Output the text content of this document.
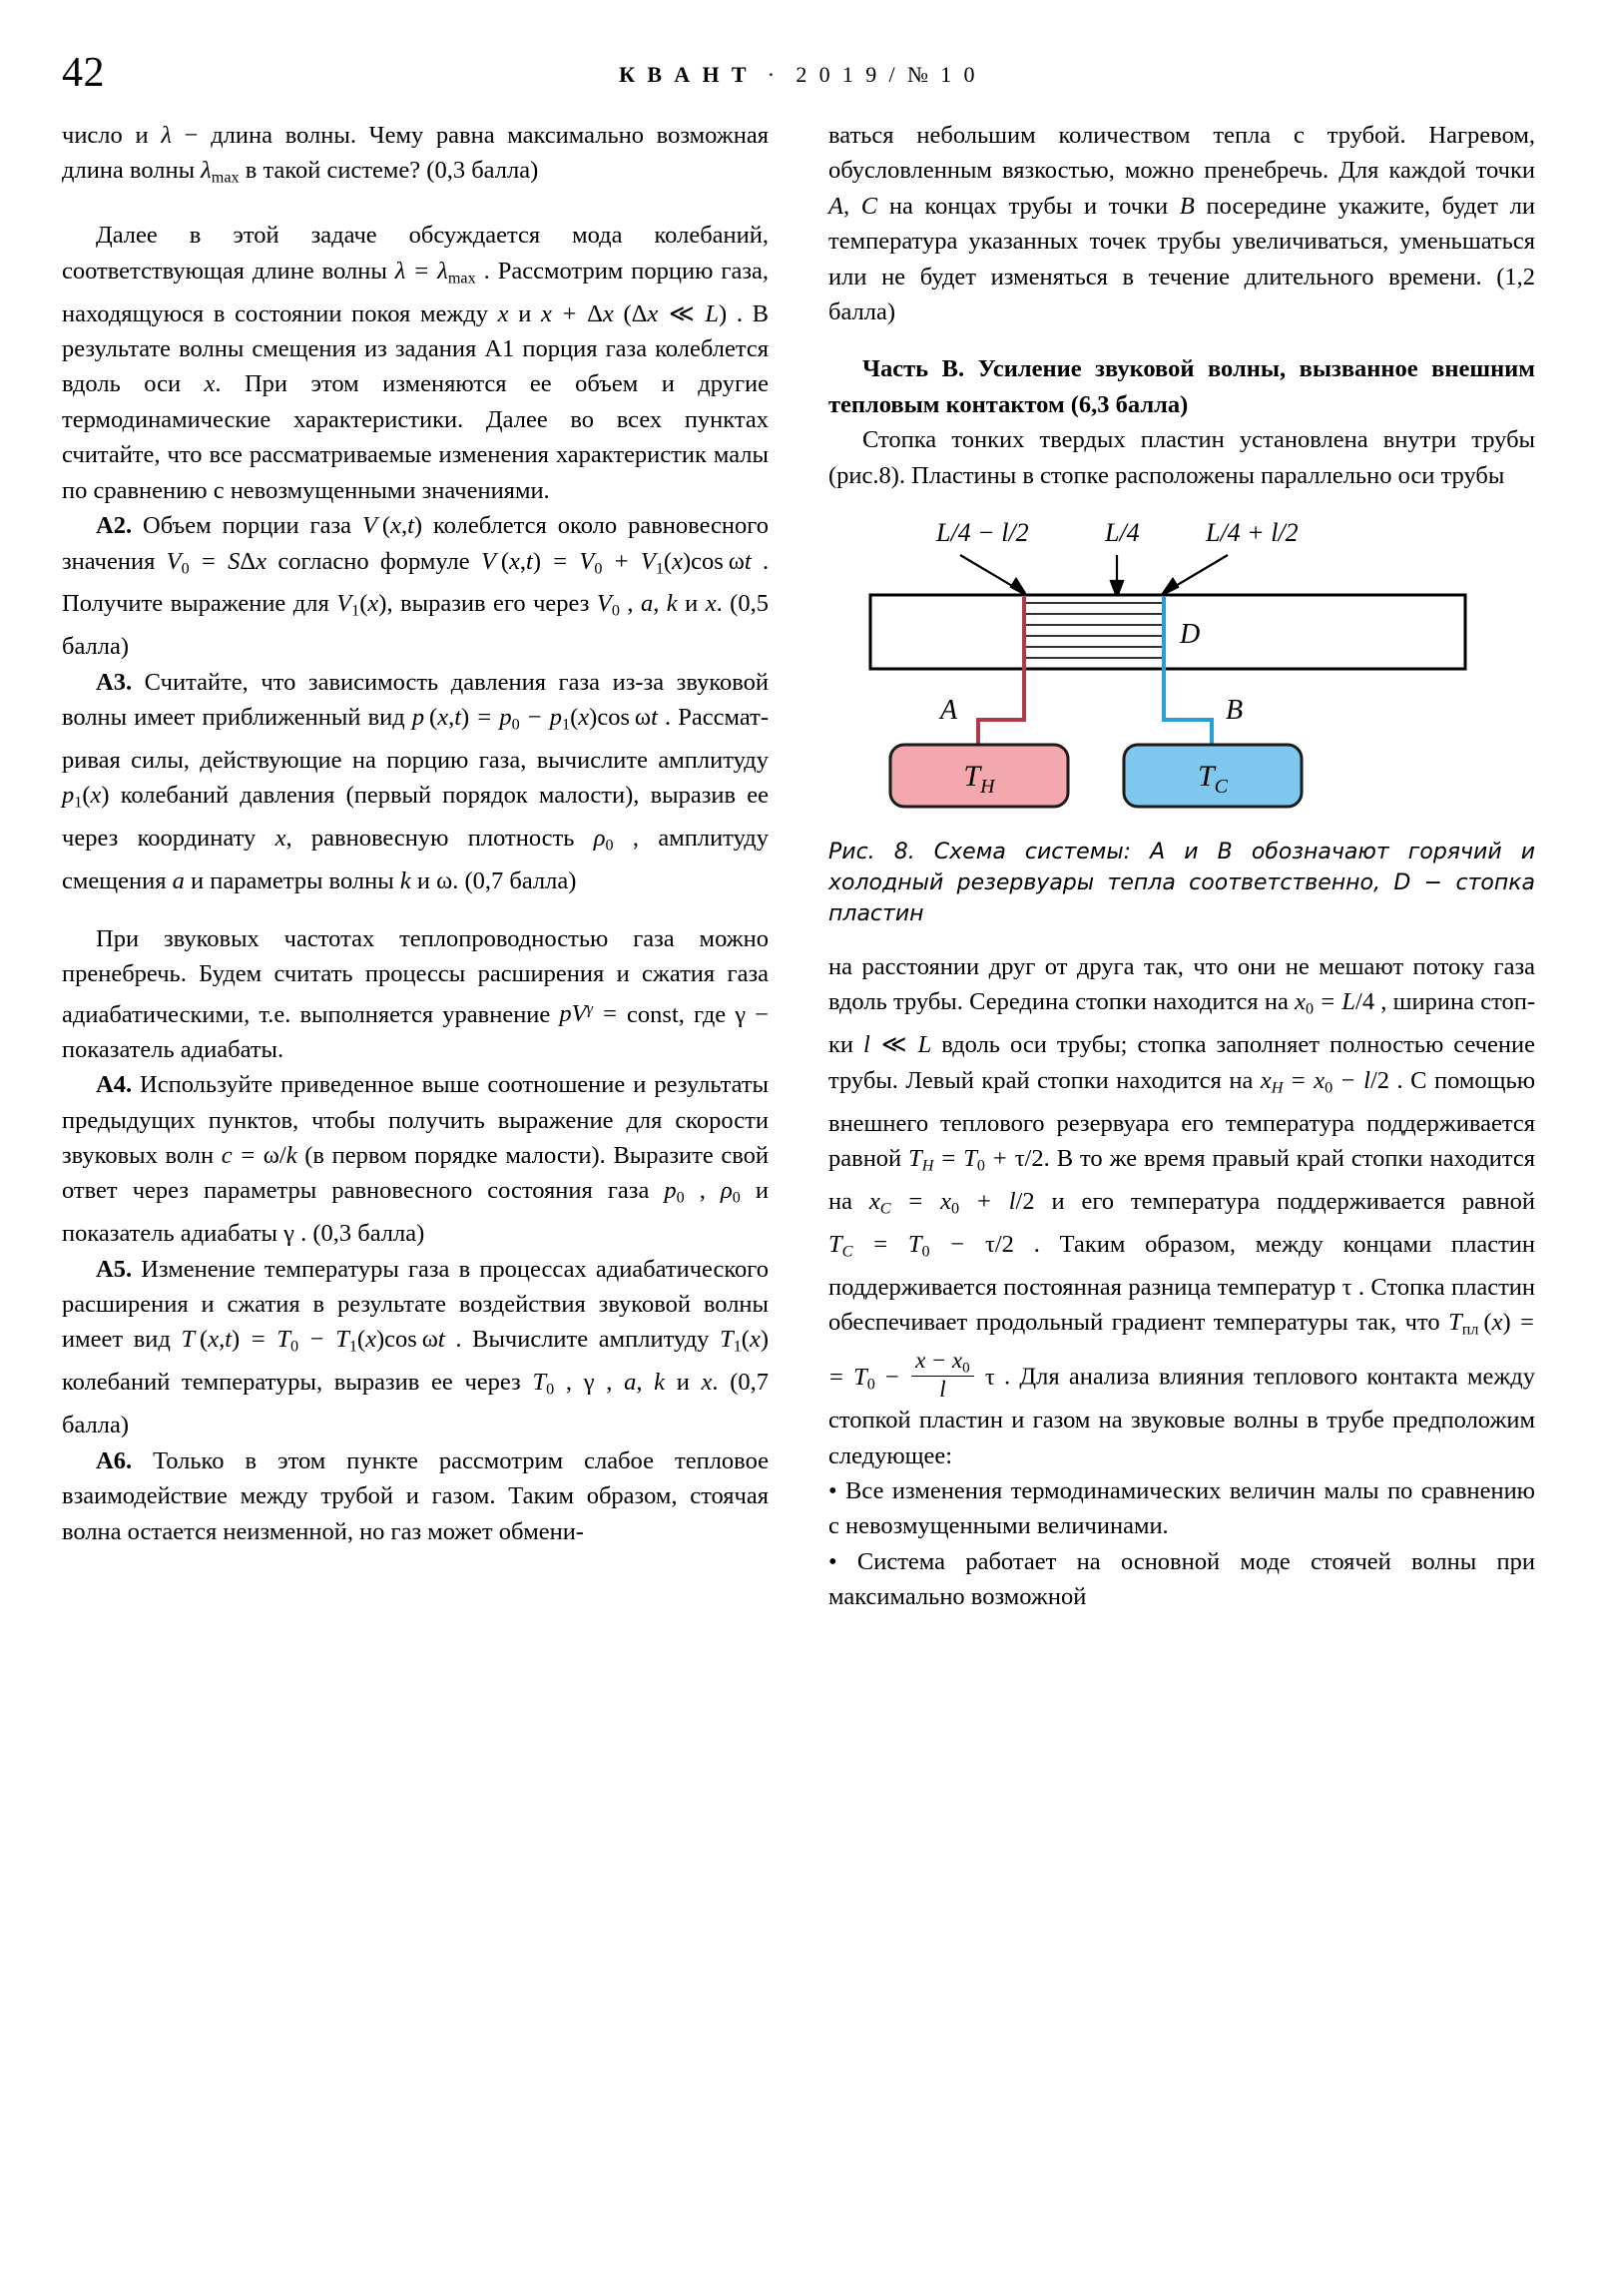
42	К В А Н Т · 2 0 1 9 / № 1 0

число и λ − длина волны. Чему равна максимально возможная длина волны $\lambda_{max}$ в такой системе? (0,3 балла)

Далее в этой задаче обсуждается мода колебаний, соответствующая длине волны $\lambda = \lambda_{max}$ . Рассмотрим порцию газа, находящуюся в состоянии покоя между x и x + Δx (Δx ≪ L) . В результате волны смещения из задания A1 порция газа колеблется вдоль оси x. При этом изменяются ее объем и другие термодинамические характеристики. Далее во всех пунктах считайте, что все рассматриваемые изменения характеристик малы по сравнению с невозмущенными значениями.

А2. Объем порции газа V (x,t) колеблется около равновесного значения $V_0 = S\Delta x$ согласно формуле V $(x,t) = V_0 + V_1(x)\cos$  ωt . Получите выражение для $V_1(x)$, выразив его через $V_0$ , a, k и x. (0,5 балла)

А3. Считайте, что зависимость давления газа из-за звуковой волны имеет приближенный вид p $(x,t) = p_0 - p_1(x)\cos$  ωt . Рассматривая силы, действующие на порцию газа, вычислите амплитуду $p_1(x)$ колебаний давления (первый порядок малости), выразив ее через координату x, равновесную плотность $\rho_0$ , амплитуду смещения a и параметры волны k и ω. (0,7 балла)

При звуковых частотах теплопроводностью газа можно пренебречь. Будем считать процессы расширения и сжатия газа адиабатическими, т.е. выполняется уравнение $pV^\gamma$ = const, где γ − показатель адиабаты.

А4. Используйте приведенное выше соотношение и результаты предыдущих пунктов, чтобы получить выражение для скорости звуковых волн c = ω/k (в первом порядке малости). Выразите свой ответ через параметры равновесного состояния газа $p_0$ , $\rho_0$ и показатель адиабаты γ . (0,3 балла)

А5. Изменение температуры газа в процессах адиабатического расширения и сжатия в результате воздействия звуковой волны имеет вид T $(x,t) = T_0 - T_1(x)\cos$  ωt . Вычислите амплитуду $T_1(x)$ колебаний температуры, выразив ее через $T_0$ , γ , a, k и x. (0,7 балла)

А6. Только в этом пункте рассмотрим слабое тепловое взаимодействие между трубой и газом. Таким образом, стоячая волна остается неизменной, но газ может обмени-

ваться небольшим количеством тепла с трубой. Нагревом, обусловленным вязкостью, можно пренебречь. Для каждой точки A, C на концах трубы и точки B посередине укажите, будет ли температура указанных точек трубы увеличиваться, уменьшаться или не будет изменяться в течение длительного времени. (1,2 балла)

Часть В. Усиление звуковой волны, вызванное внешним тепловым контактом (6,3 балла)

Стопка тонких твердых пластин установлена внутри трубы (рис.8). Пластины в стопке расположены параллельно оси трубы

L/4 − l/2	L/4	L/4 + l/2
D
A	B
$T_H$	$T_C$
Рис. 8. Схема системы: A и B обозначают горячий и холодный резервуары тепла соответственно, D − стопка пластин

на расстоянии друг от друга так, что они не мешают потоку газа вдоль трубы. Середина стопки находится на $x_0 = L/4$ , ширина стопки l ≪ L вдоль оси трубы; стопка заполняет полностью сечение трубы. Левый край стопки находится на xH = $x_0 - l/2$ . С помощью внешнего теплового резервуара его температура поддерживается равной TH = $T_0 + \tau/2$. В то же время правый край стопки находится на xC = $x_0 + l/2$ и его температура поддерживается равной TC = $T_0 - \tau/2$ . Таким образом, между концами пластин поддерживается постоянная разница температур τ . Стопка пластин обеспечивает продольный градиент температуры так, что $T_{пл}$ (x) = = $T_0 - \frac{x - x_0}{l}$ τ . Для анализа влияния теплового контакта между стопкой пластин и газом на звуковые волны в трубе предположим следующее:

• Все изменения термодинамических величин малы по сравнению с невозмущенными величинами.

• Система работает на основной моде стоячей волны при максимально возможной
